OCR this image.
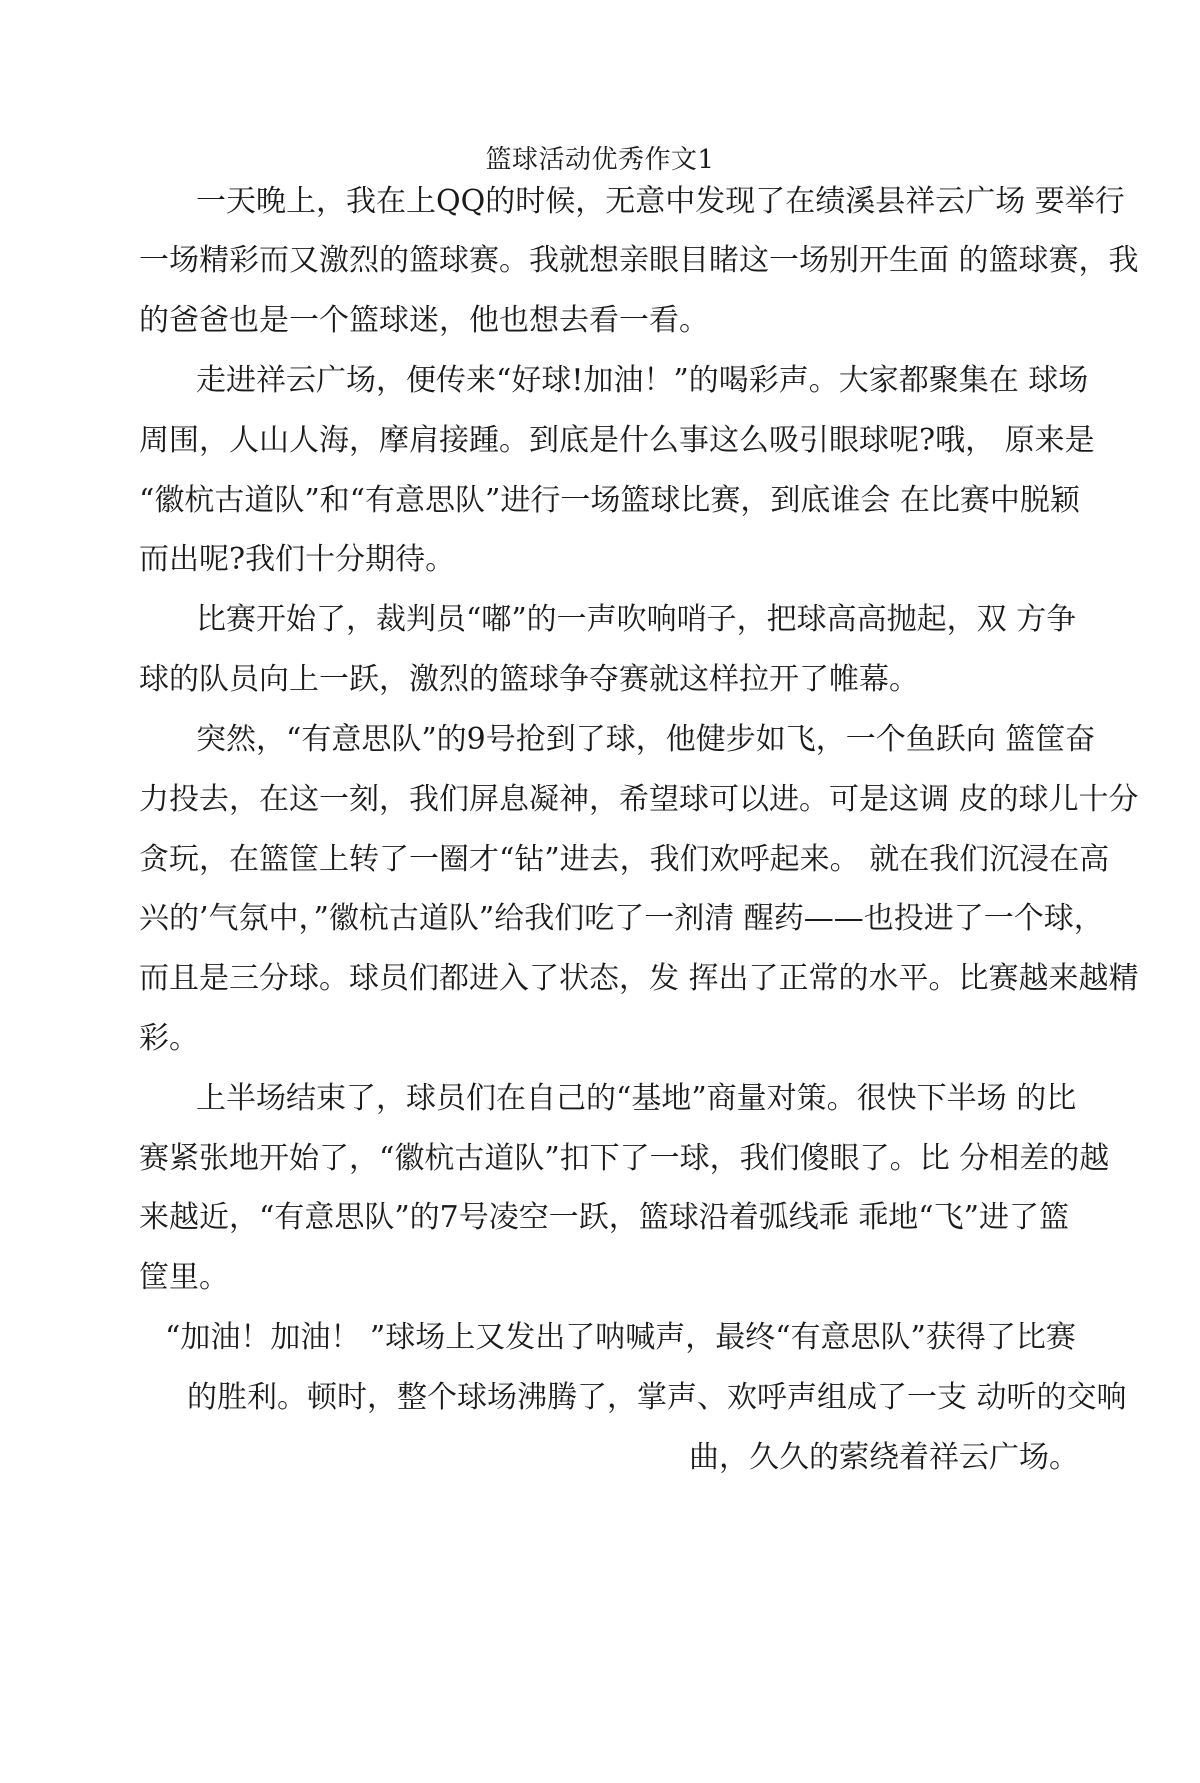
篮球活动优秀作文1
一天晚上，我在上QQ的时候，无意中发现了在绩溪县祥云广场 要举行
一场精彩而又激烈的篮球赛。我就想亲眼目睹这一场别开生面 的篮球赛，我
的爸爸也是一个篮球迷，他也想去看一看。
走进祥云广场，便传来“好球!加油！”的喝彩声。大家都聚集在 球场
周围，人山人海，摩肩接踵。到底是什么事这么吸引眼球呢?哦， 原来是
“徽杭古道队”和“有意思队”进行一场篮球比赛，到底谁会 在比赛中脱颖
而出呢?我们十分期待。
比赛开始了，裁判员“嘟”的一声吹响哨子，把球高高抛起，双 方争
球的队员向上一跃，激烈的篮球争夺赛就这样拉开了帷幕。
突然，“有意思队”的9号抢到了球，他健步如飞，一个鱼跃向 篮筐奋
力投去，在这一刻，我们屏息凝神，希望球可以进。可是这调 皮的球儿十分
贪玩，在篮筐上转了一圈才“钻”进去，我们欢呼起来。 就在我们沉浸在高
兴的’气氛中，”徽杭古道队”给我们吃了一剂清 醒药——也投进了一个球，
而且是三分球。球员们都进入了状态，发 挥出了正常的水平。比赛越来越精
彩。
上半场结束了，球员们在自己的“基地”商量对策。很快下半场 的比
赛紧张地开始了，“徽杭古道队”扣下了一球，我们傻眼了。比 分相差的越
来越近，“有意思队”的7号凌空一跃，篮球沿着弧线乖 乖地“飞”进了篮
筐里。
“加油！加油！ ”球场上又发出了呐喊声，最终“有意思队”获得了比赛
的胜利。顿时，整个球场沸腾了，掌声、欢呼声组成了一支 动听的交响
曲，久久的萦绕着祥云广场。
